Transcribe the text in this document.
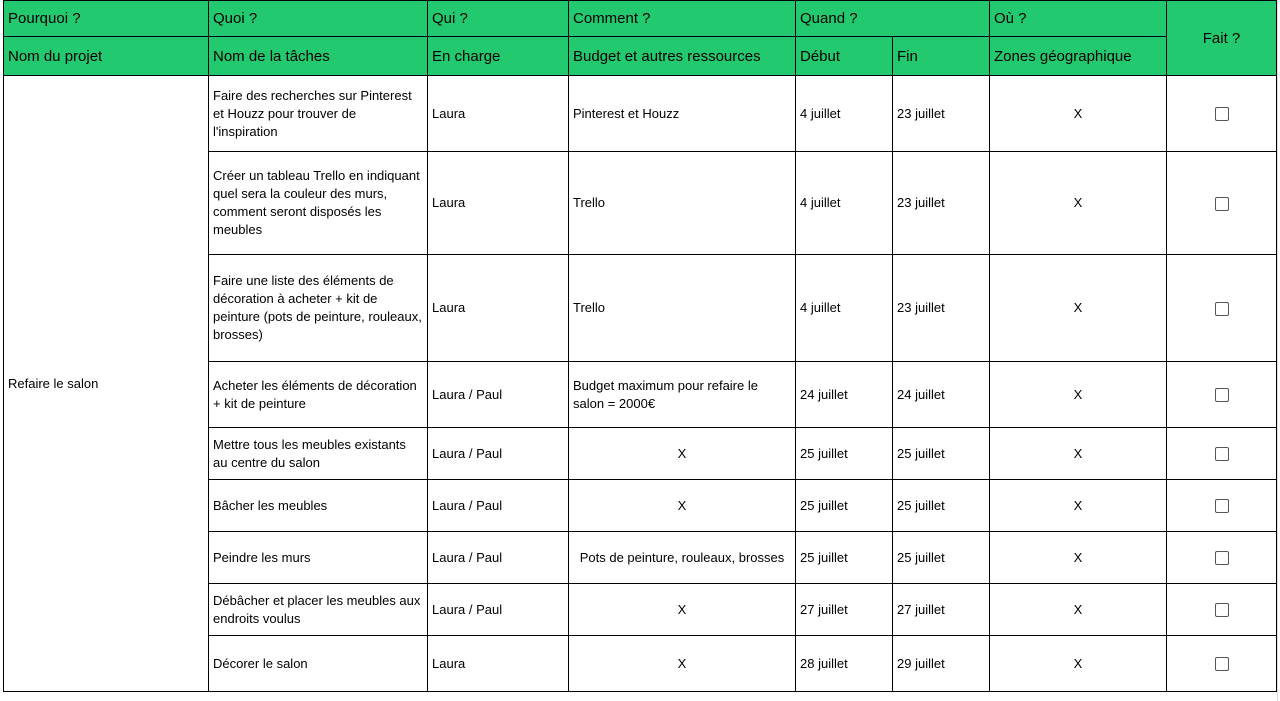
Pourquoi ?	Quoi ?	Qui ?	Comment ?	Quand ?		Où ?	Fait ?
Nom du projet	Nom de la tâches	En charge	Budget et autres ressources	Début	Fin	Zones géographique	
Refaire le salon	Faire des recherches sur Pinterest et Houzz pour trouver de l'inspiration	Laura	Pinterest et Houzz	4 juillet	23 juillet	X	
	Créer un tableau Trello en indiquant quel sera la couleur des murs, comment seront disposés les meubles	Laura	Trello	4 juillet	23 juillet	X	
	Faire une liste des éléments de décoration à acheter + kit de peinture (pots de peinture, rouleaux, brosses)	Laura	Trello	4 juillet	23 juillet	X	
	Acheter les éléments de décoration + kit de peinture	Laura / Paul	Budget maximum pour refaire le salon = 2000€	24 juillet	24 juillet	X	
	Mettre tous les meubles existants au centre du salon	Laura / Paul	X	25 juillet	25 juillet	X	
	Bâcher les meubles	Laura / Paul	X	25 juillet	25 juillet	X	
	Peindre les murs	Laura / Paul	Pots de peinture, rouleaux, brosses	25 juillet	25 juillet	X	
	Débâcher et placer les meubles aux endroits voulus	Laura / Paul	X	27 juillet	27 juillet	X	
	Décorer le salon	Laura	X	28 juillet	29 juillet	X	
